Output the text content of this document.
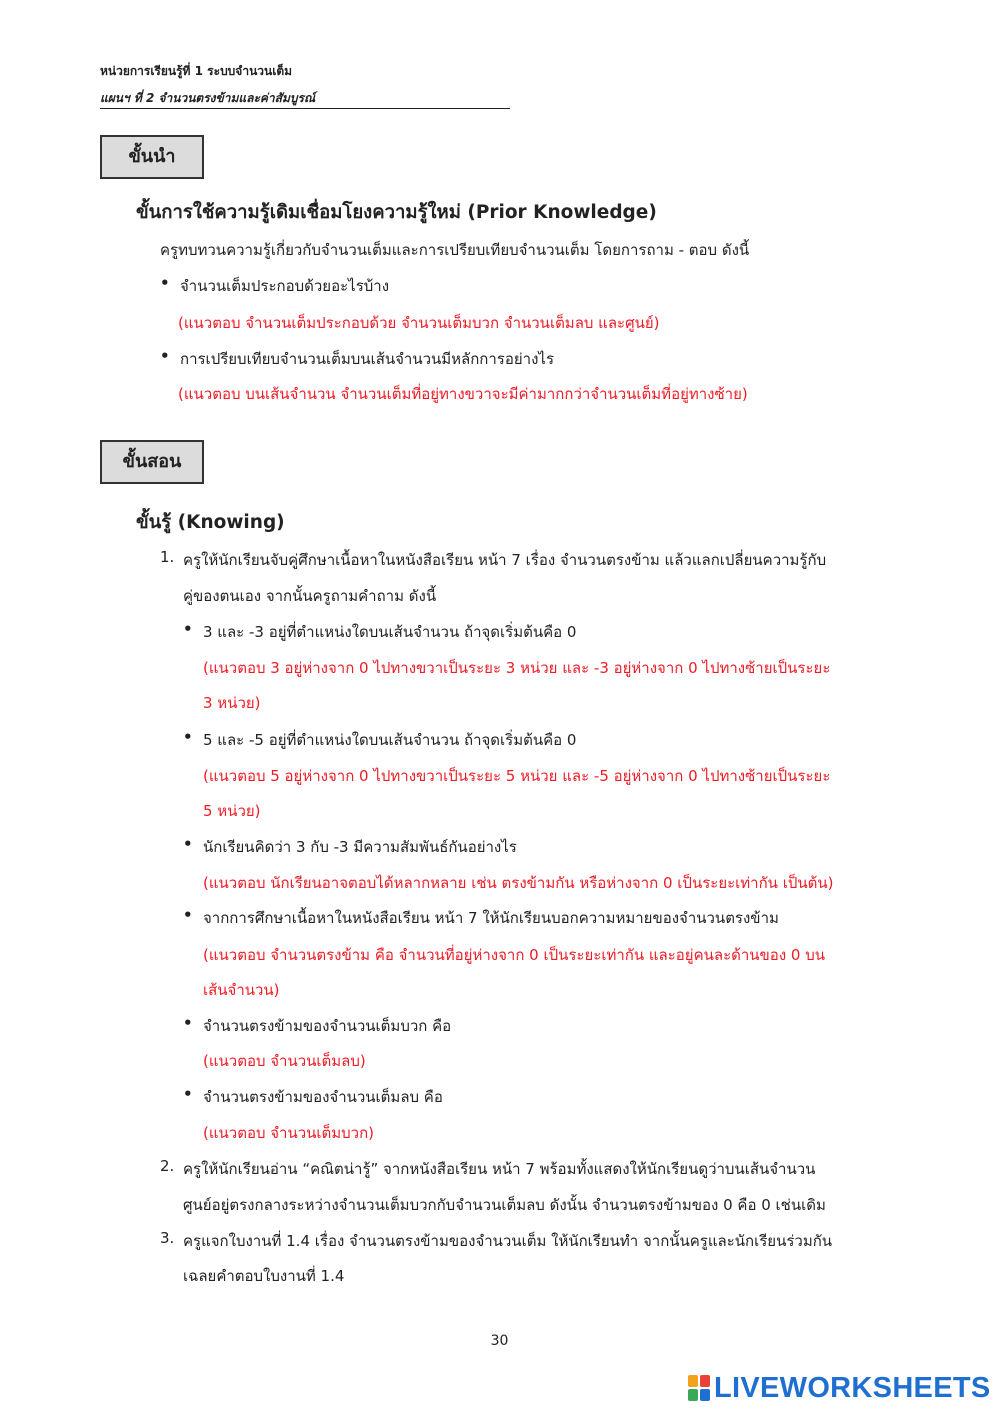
หน่วยการเรียนรู้ที่ 1 ระบบจำนวนเต็ม
แผนฯ ที่ 2 จำนวนตรงข้ามและค่าสัมบูรณ์
ขั้นนำ
ขั้นการใช้ความรู้เดิมเชื่อมโยงความรู้ใหม่ (Prior Knowledge)
ครูทบทวนความรู้เกี่ยวกับจำนวนเต็มและการเปรียบเทียบจำนวนเต็ม โดยการถาม - ตอบ ดังนี้
• จำนวนเต็มประกอบด้วยอะไรบ้าง
(แนวตอบ จำนวนเต็มประกอบด้วย จำนวนเต็มบวก จำนวนเต็มลบ และศูนย์)
• การเปรียบเทียบจำนวนเต็มบนเส้นจำนวนมีหลักการอย่างไร
(แนวตอบ บนเส้นจำนวน จำนวนเต็มที่อยู่ทางขวาจะมีค่ามากกว่าจำนวนเต็มที่อยู่ทางซ้าย)
ขั้นสอน
ขั้นรู้ (Knowing)
1. ครูให้นักเรียนจับคู่ศึกษาเนื้อหาในหนังสือเรียน หน้า 7 เรื่อง จำนวนตรงข้าม แล้วแลกเปลี่ยนความรู้กับ
คู่ของตนเอง จากนั้นครูถามคำถาม ดังนี้
• 3 และ -3 อยู่ที่ตำแหน่งใดบนเส้นจำนวน ถ้าจุดเริ่มต้นคือ 0
(แนวตอบ 3 อยู่ห่างจาก 0 ไปทางขวาเป็นระยะ 3 หน่วย และ -3 อยู่ห่างจาก 0 ไปทางซ้ายเป็นระยะ
3 หน่วย)
• 5 และ -5 อยู่ที่ตำแหน่งใดบนเส้นจำนวน ถ้าจุดเริ่มต้นคือ 0
(แนวตอบ 5 อยู่ห่างจาก 0 ไปทางขวาเป็นระยะ 5 หน่วย และ -5 อยู่ห่างจาก 0 ไปทางซ้ายเป็นระยะ
5 หน่วย)
• นักเรียนคิดว่า 3 กับ -3 มีความสัมพันธ์กันอย่างไร
(แนวตอบ นักเรียนอาจตอบได้หลากหลาย เช่น ตรงข้ามกัน หรือห่างจาก 0 เป็นระยะเท่ากัน เป็นต้น)
• จากการศึกษาเนื้อหาในหนังสือเรียน หน้า 7 ให้นักเรียนบอกความหมายของจำนวนตรงข้าม
(แนวตอบ จำนวนตรงข้าม คือ จำนวนที่อยู่ห่างจาก 0 เป็นระยะเท่ากัน และอยู่คนละด้านของ 0 บน
เส้นจำนวน)
• จำนวนตรงข้ามของจำนวนเต็มบวก คือ
(แนวตอบ จำนวนเต็มลบ)
• จำนวนตรงข้ามของจำนวนเต็มลบ คือ
(แนวตอบ จำนวนเต็มบวก)
2. ครูให้นักเรียนอ่าน “คณิตน่ารู้” จากหนังสือเรียน หน้า 7 พร้อมทั้งแสดงให้นักเรียนดูว่าบนเส้นจำนวน
ศูนย์อยู่ตรงกลางระหว่างจำนวนเต็มบวกกับจำนวนเต็มลบ ดังนั้น จำนวนตรงข้ามของ 0 คือ 0 เช่นเดิม
3. ครูแจกใบงานที่ 1.4 เรื่อง จำนวนตรงข้ามของจำนวนเต็ม ให้นักเรียนทำ จากนั้นครูและนักเรียนร่วมกัน
เฉลยคำตอบใบงานที่ 1.4
30
LIVEWORKSHEETS
